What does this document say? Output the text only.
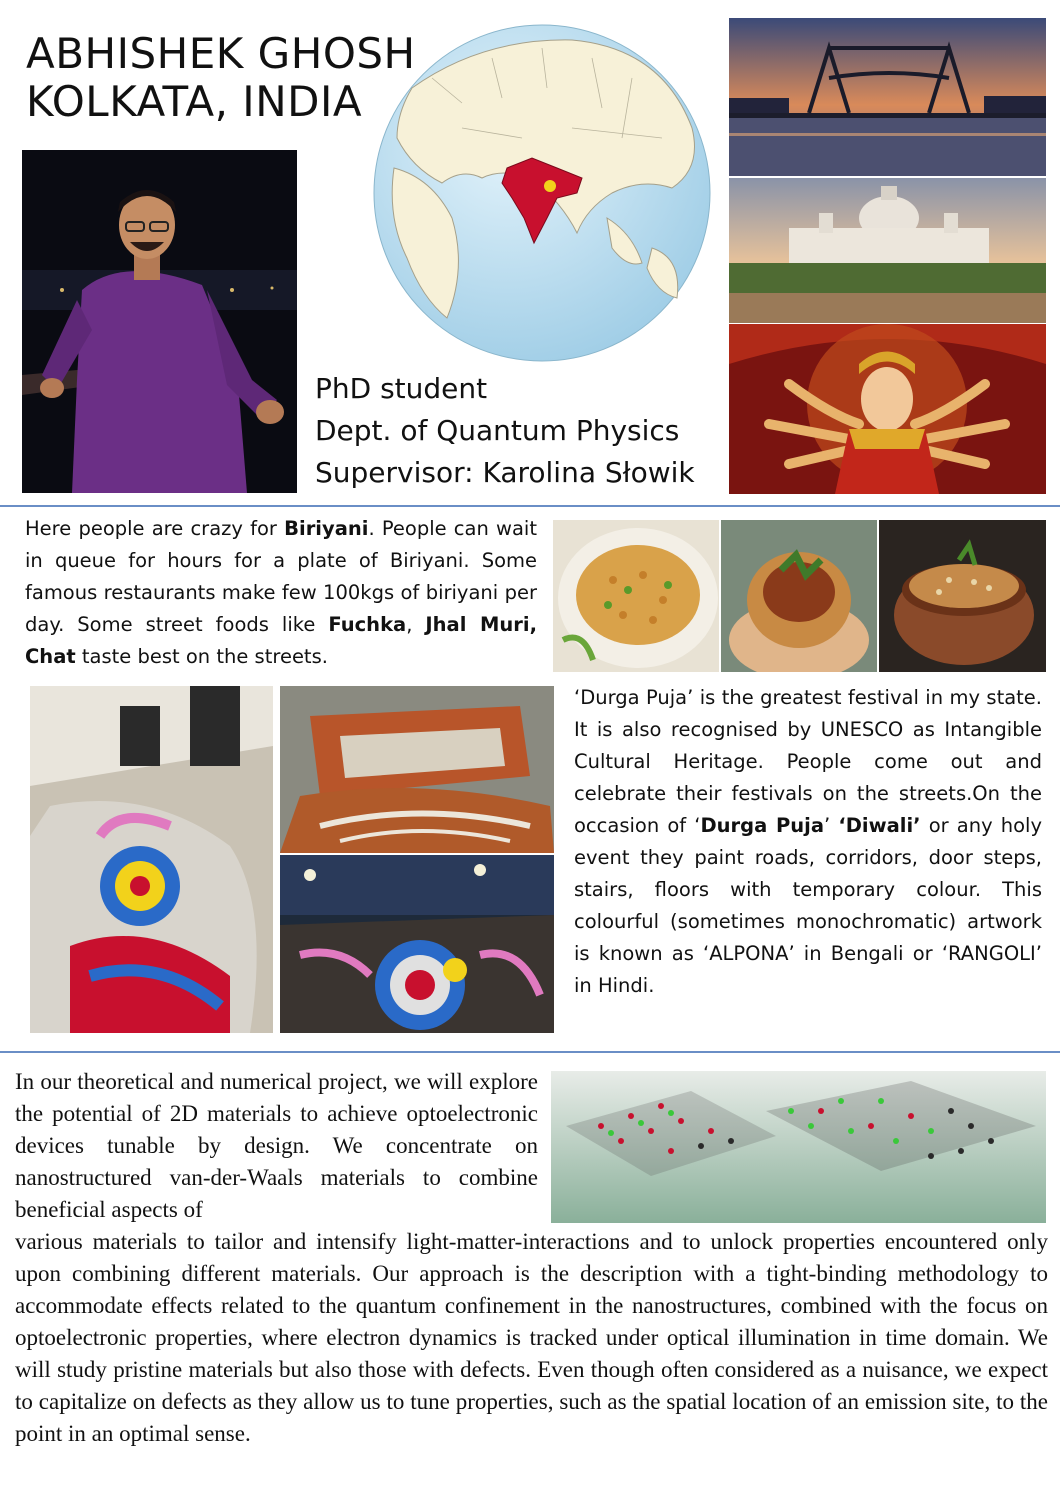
ABHISHEK GHOSH
KOLKATA, INDIA
PhD student
Dept. of Quantum Physics
Supervisor: Karolina Słowik
Here people are crazy for Biriyani. People can wait in queue for hours for a plate of Biriyani. Some famous restaurants make few 100kgs of biriyani per day. Some street foods like Fuchka, Jhal Muri, Chat taste best on the streets.
‘Durga Puja’ is the greatest festival in my state. It is also recognised by UNESCO as Intangible Cultural Heritage. People come out and celebrate their festivals on the streets.On the occasion of ‘Durga Puja’ ‘Diwali’ or any holy event they paint roads, corridors, door steps, stairs, floors with temporary colour. This colourful (sometimes monochromatic) artwork is known as ‘ALPONA’ in Bengali or ‘RANGOLI’ in Hindi.
In our theoretical and numerical project, we will explore the potential of 2D materials to achieve optoelectronic devices tunable by design. We concentrate on nanostructured van-der-Waals materials to combine beneficial aspects of
various materials to tailor and intensify light-matter-interactions and to unlock properties encountered only upon combining different materials. Our approach is the description with a tight-binding methodology to accommodate effects related to the quantum confinement in the nanostructures, combined with the focus on optoelectronic properties, where electron dynamics is tracked under optical illumination in time domain. We will study pristine materials but also those with defects. Even though often considered as a nuisance, we expect to capitalize on defects as they allow us to tune properties, such as the spatial location of an emission site, to the point in an optimal sense.
